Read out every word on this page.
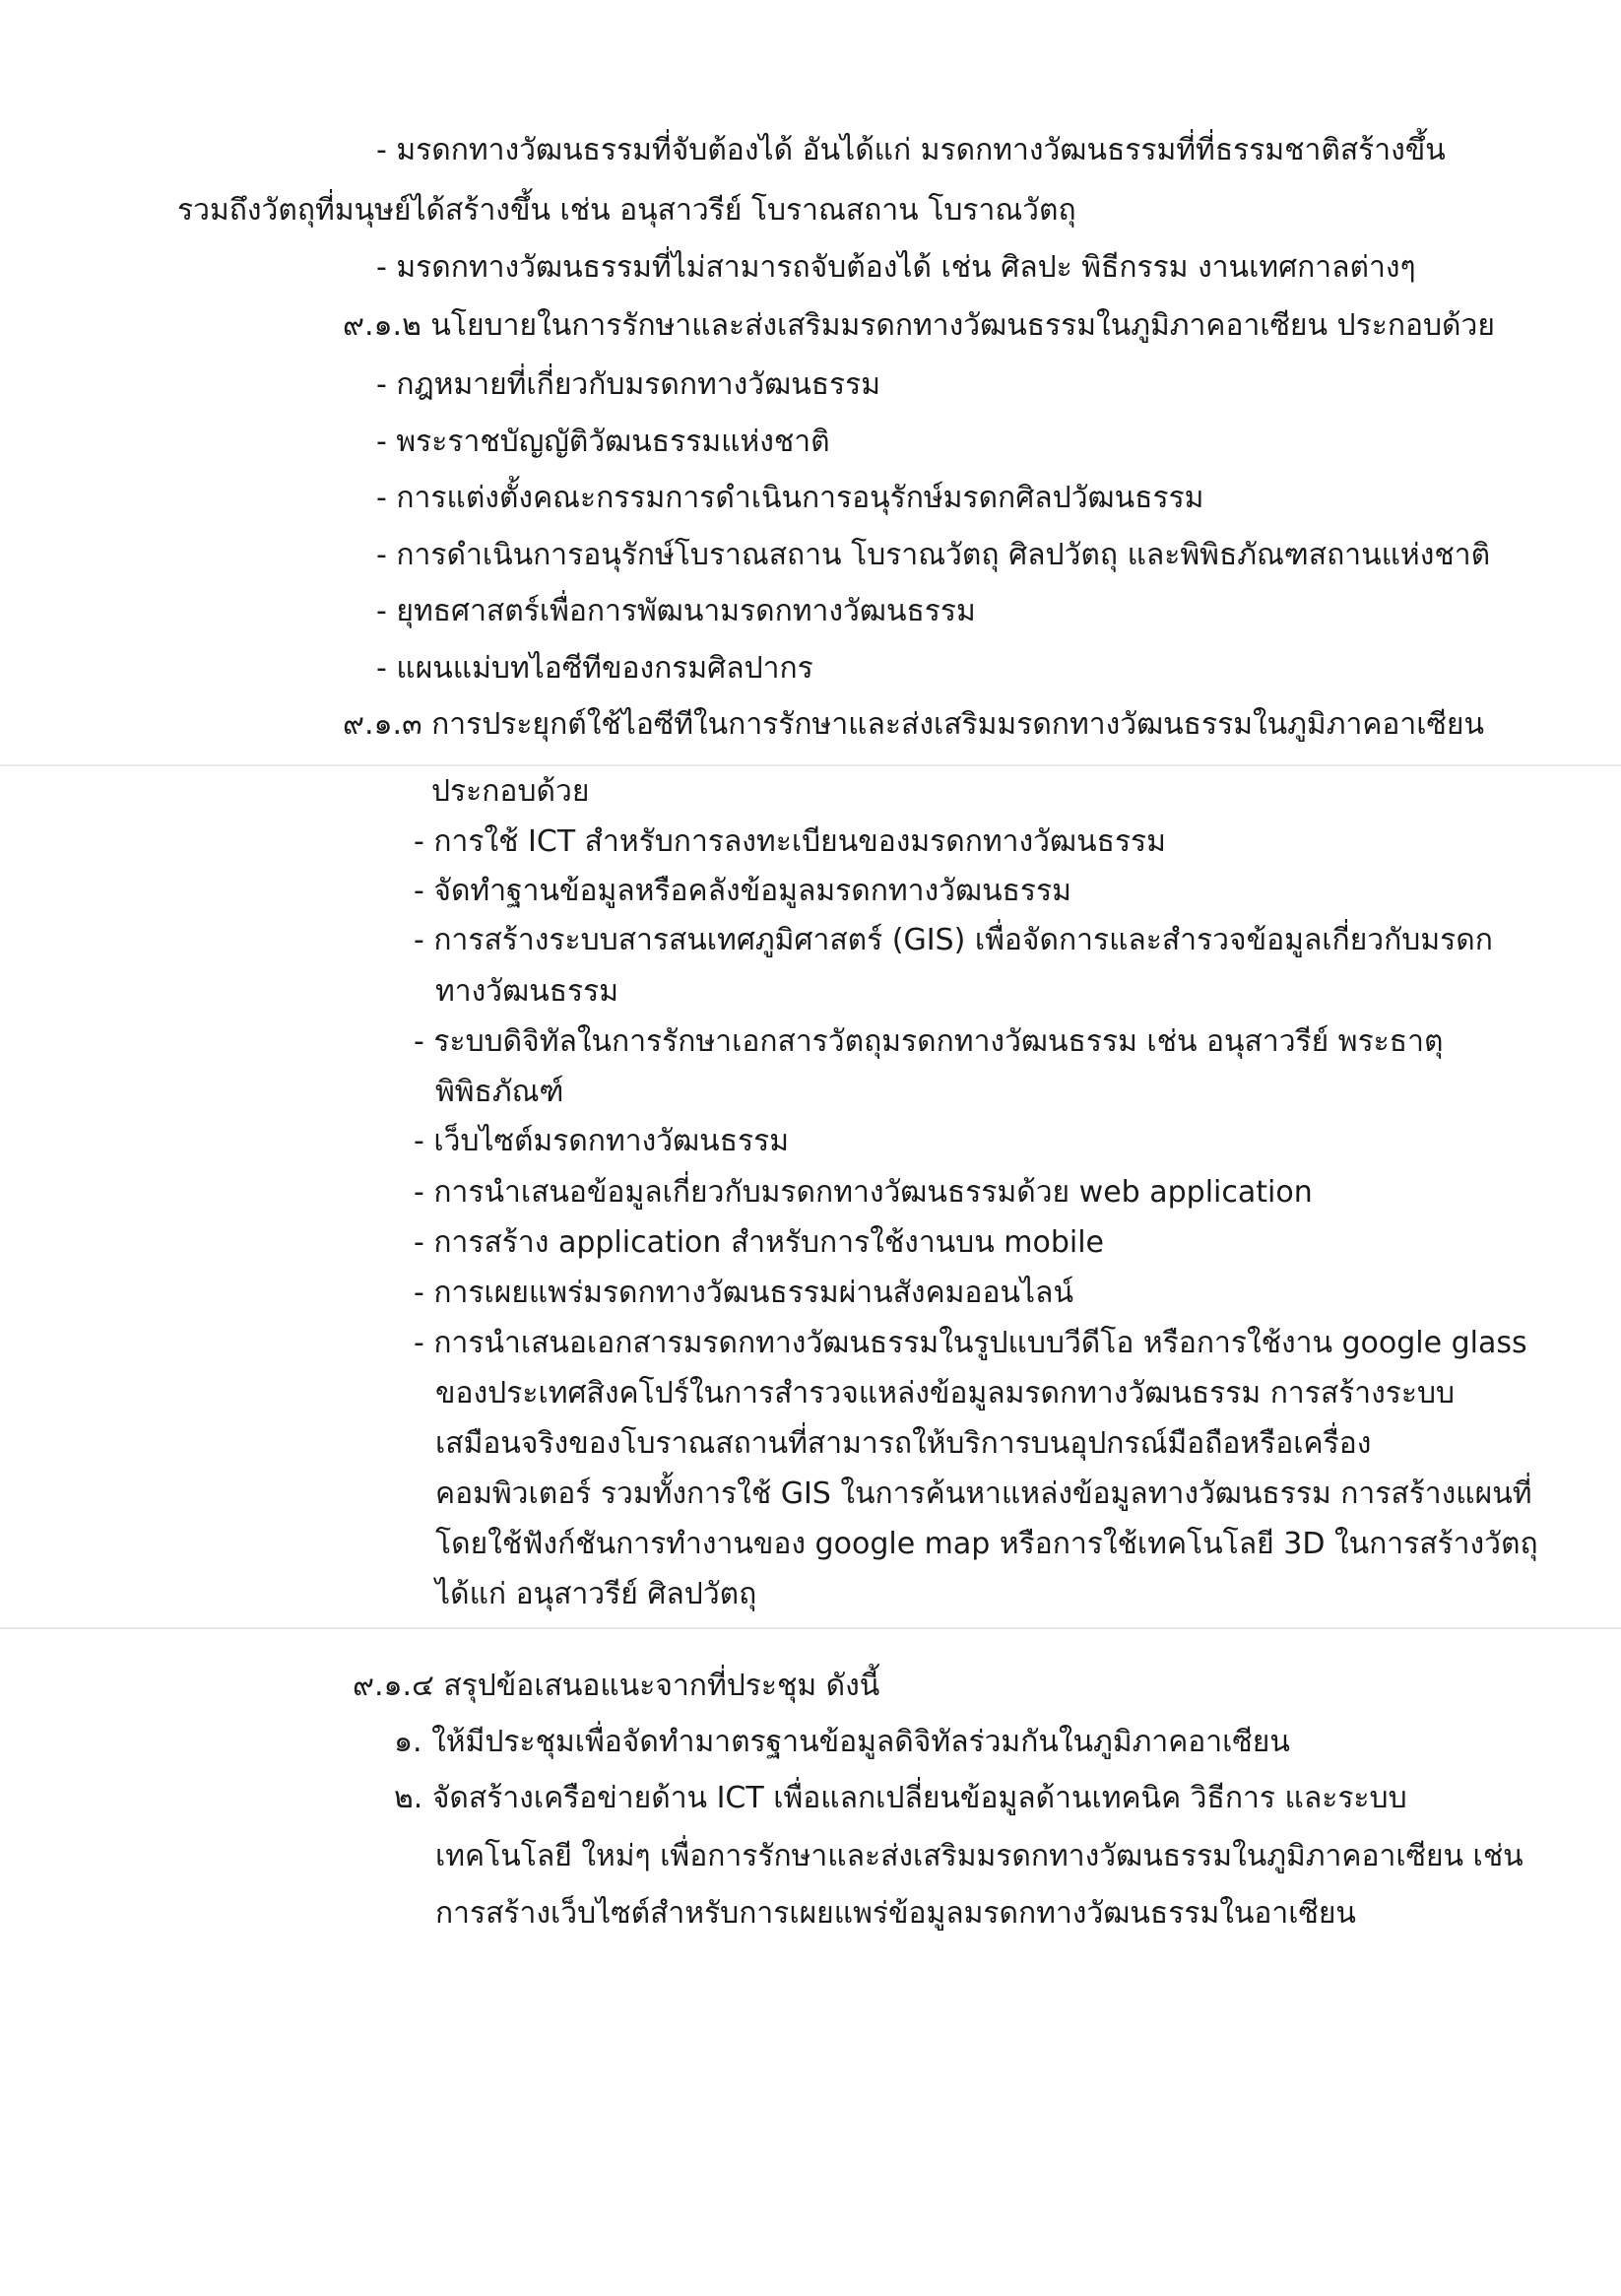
- มรดกทางวัฒนธรรมที่จับต้องได้ อันได้แก่ มรดกทางวัฒนธรรมที่ที่ธรรมชาติสร้างขึ้น
รวมถึงวัตถุที่มนุษย์ได้สร้างขึ้น เช่น อนุสาวรีย์ โบราณสถาน โบราณวัตถุ
- มรดกทางวัฒนธรรมที่ไม่สามารถจับต้องได้ เช่น ศิลปะ พิธีกรรม งานเทศกาลต่างๆ
๙.๑.๒ นโยบายในการรักษาและส่งเสริมมรดกทางวัฒนธรรมในภูมิภาคอาเซียน ประกอบด้วย
- กฎหมายที่เกี่ยวกับมรดกทางวัฒนธรรม
- พระราชบัญญัติวัฒนธรรมแห่งชาติ
- การแต่งตั้งคณะกรรมการดำเนินการอนุรักษ์มรดกศิลปวัฒนธรรม
- การดำเนินการอนุรักษ์โบราณสถาน โบราณวัตถุ ศิลปวัตถุ และพิพิธภัณฑสถานแห่งชาติ
- ยุทธศาสตร์เพื่อการพัฒนามรดกทางวัฒนธรรม
- แผนแม่บทไอซีทีของกรมศิลปากร
๙.๑.๓ การประยุกต์ใช้ไอซีทีในการรักษาและส่งเสริมมรดกทางวัฒนธรรมในภูมิภาคอาเซียน
ประกอบด้วย
- การใช้ ICT สำหรับการลงทะเบียนของมรดกทางวัฒนธรรม
- จัดทำฐานข้อมูลหรือคลังข้อมูลมรดกทางวัฒนธรรม
- การสร้างระบบสารสนเทศภูมิศาสตร์ (GIS) เพื่อจัดการและสำรวจข้อมูลเกี่ยวกับมรดก
ทางวัฒนธรรม
- ระบบดิจิทัลในการรักษาเอกสารวัตถุมรดกทางวัฒนธรรม เช่น อนุสาวรีย์ พระธาตุ
พิพิธภัณฑ์
- เว็บไซต์มรดกทางวัฒนธรรม
- การนำเสนอข้อมูลเกี่ยวกับมรดกทางวัฒนธรรมด้วย web application
- การสร้าง application สำหรับการใช้งานบน mobile
- การเผยแพร่มรดกทางวัฒนธรรมผ่านสังคมออนไลน์
- การนำเสนอเอกสารมรดกทางวัฒนธรรมในรูปแบบวีดีโอ หรือการใช้งาน google glass
ของประเทศสิงคโปร์ในการสำรวจแหล่งข้อมูลมรดกทางวัฒนธรรม การสร้างระบบ
เสมือนจริงของโบราณสถานที่สามารถให้บริการบนอุปกรณ์มือถือหรือเครื่อง
คอมพิวเตอร์ รวมทั้งการใช้ GIS ในการค้นหาแหล่งข้อมูลทางวัฒนธรรม การสร้างแผนที่
โดยใช้ฟังก์ชันการทำงานของ google map หรือการใช้เทคโนโลยี 3D ในการสร้างวัตถุ
ได้แก่ อนุสาวรีย์ ศิลปวัตถุ
๙.๑.๔ สรุปข้อเสนอแนะจากที่ประชุม ดังนี้
๑. ให้มีประชุมเพื่อจัดทำมาตรฐานข้อมูลดิจิทัลร่วมกันในภูมิภาคอาเซียน
๒. จัดสร้างเครือข่ายด้าน ICT เพื่อแลกเปลี่ยนข้อมูลด้านเทคนิค วิธีการ และระบบ
เทคโนโลยี ใหม่ๆ เพื่อการรักษาและส่งเสริมมรดกทางวัฒนธรรมในภูมิภาคอาเซียน เช่น
การสร้างเว็บไซต์สำหรับการเผยแพร่ข้อมูลมรดกทางวัฒนธรรมในอาเซียน
